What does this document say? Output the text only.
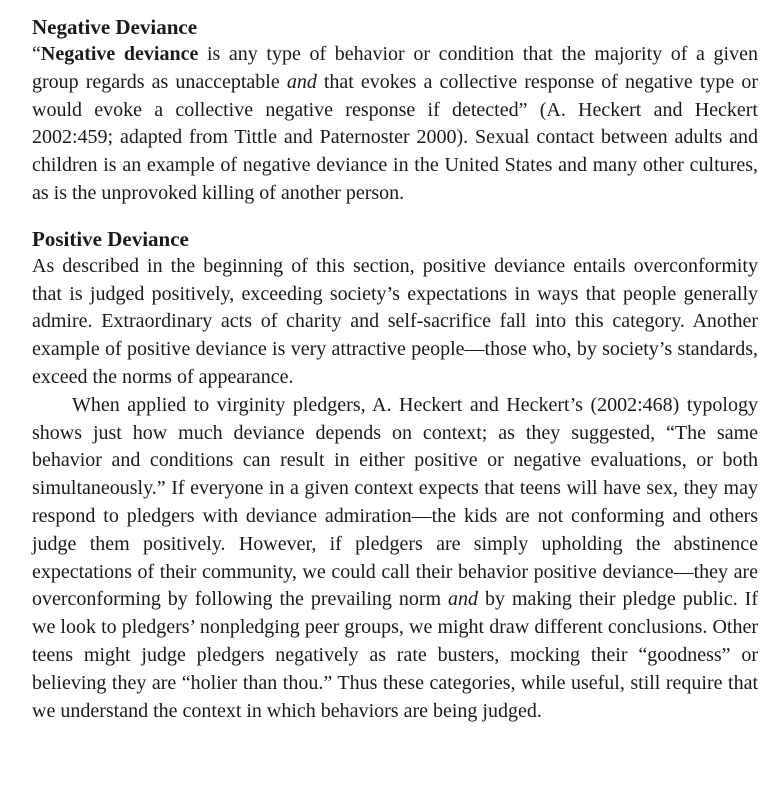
Negative Deviance

“Negative deviance is any type of behavior or condition that the majority of a given group regards as unacceptable and that evokes a collective response of negative type or would evoke a collective negative response if detected” (A. Heckert and Heckert 2002:459; adapted from Tittle and Paternoster 2000). Sexual contact between adults and children is an example of negative deviance in the United States and many other cultures, as is the unprovoked killing of another person.

Positive Deviance

As described in the beginning of this section, positive deviance entails overconformity that is judged positively, exceeding society’s expectations in ways that people generally admire. Extraordinary acts of charity and self-sacrifice fall into this category. Another example of positive deviance is very attractive people—those who, by society’s standards, exceed the norms of appearance.

When applied to virginity pledgers, A. Heckert and Heckert’s (2002:468) typology shows just how much deviance depends on context; as they suggested, “The same behavior and conditions can result in either positive or negative evaluations, or both simultaneously.” If everyone in a given context expects that teens will have sex, they may respond to pledgers with deviance admiration—the kids are not conforming and others judge them positively. However, if pledgers are simply upholding the abstinence expectations of their community, we could call their behavior positive deviance—they are overconforming by following the prevailing norm and by making their pledge public. If we look to pledgers’ nonpledging peer groups, we might draw different conclusions. Other teens might judge pledgers negatively as rate busters, mocking their “goodness” or believing they are “holier than thou.” Thus these categories, while useful, still require that we understand the context in which behaviors are being judged.
